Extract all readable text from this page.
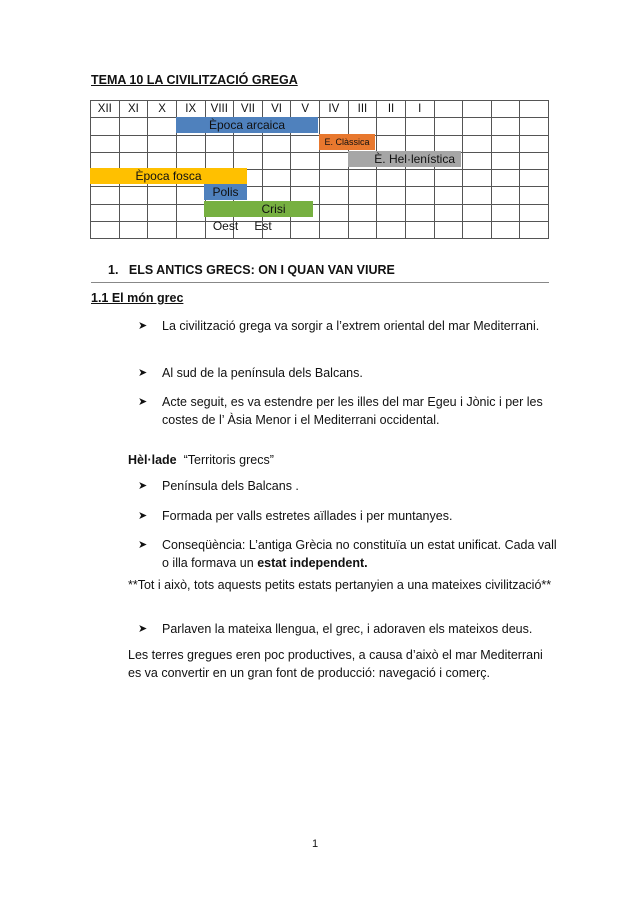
TEMA 10 LA CIVILITZACIÓ GREGA
XII	XI	X	IX	VIII	VII	VI	V	IV	III	II	I				

Època arcaica
E. Clàssica
È. Hel·lenística
Època fosca
Polis
Crisi
Oest	Est
1. ELS ANTICS GRECS: ON I QUAN VAN VIURE
1.1 El món grec
➤	La civilització grega va sorgir a l’extrem oriental del mar Mediterrani.
➤	Al sud de la península dels Balcans.
➤	Acte seguit, es va estendre per les illes del mar Egeu i Jònic i per les costes de l’ Àsia Menor i el Mediterrani occidental.
Hèl·lade “Territoris grecs”
➤	Península dels Balcans .
➤	Formada per valls estretes aïllades i per muntanyes.
➤	Conseqüència: L’antiga Grècia no constituïa un estat unificat. Cada vall o illa formava un estat independent.
**Tot i això, tots aquests petits estats pertanyien a una mateixes civilització**
➤	Parlaven la mateixa llengua, el grec, i adoraven els mateixos deus.
Les terres gregues eren poc productives, a causa d’això el mar Mediterrani es va convertir en un gran font de producció: navegació i comerç.
1
